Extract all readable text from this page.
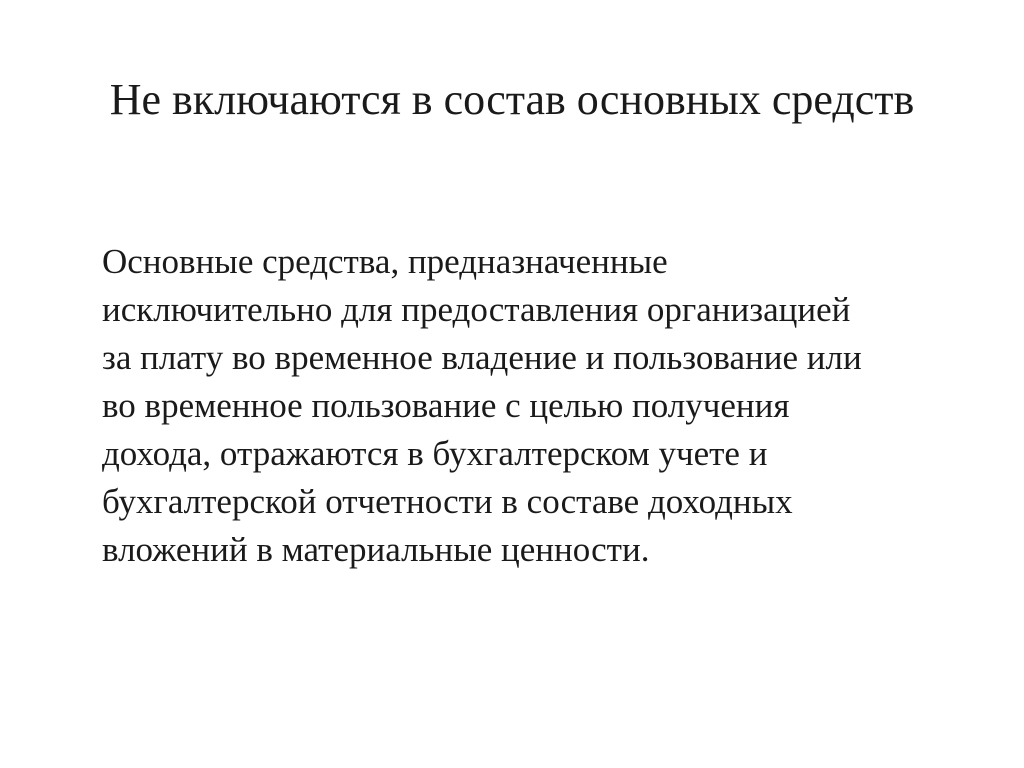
Не включаются в состав основных средств
Основные средства, предназначенные
исключительно для предоставления организацией
за плату во временное владение и пользование или
во временное пользование с целью получения
дохода, отражаются в бухгалтерском учете и
бухгалтерской отчетности в составе доходных
вложений в материальные ценности.
